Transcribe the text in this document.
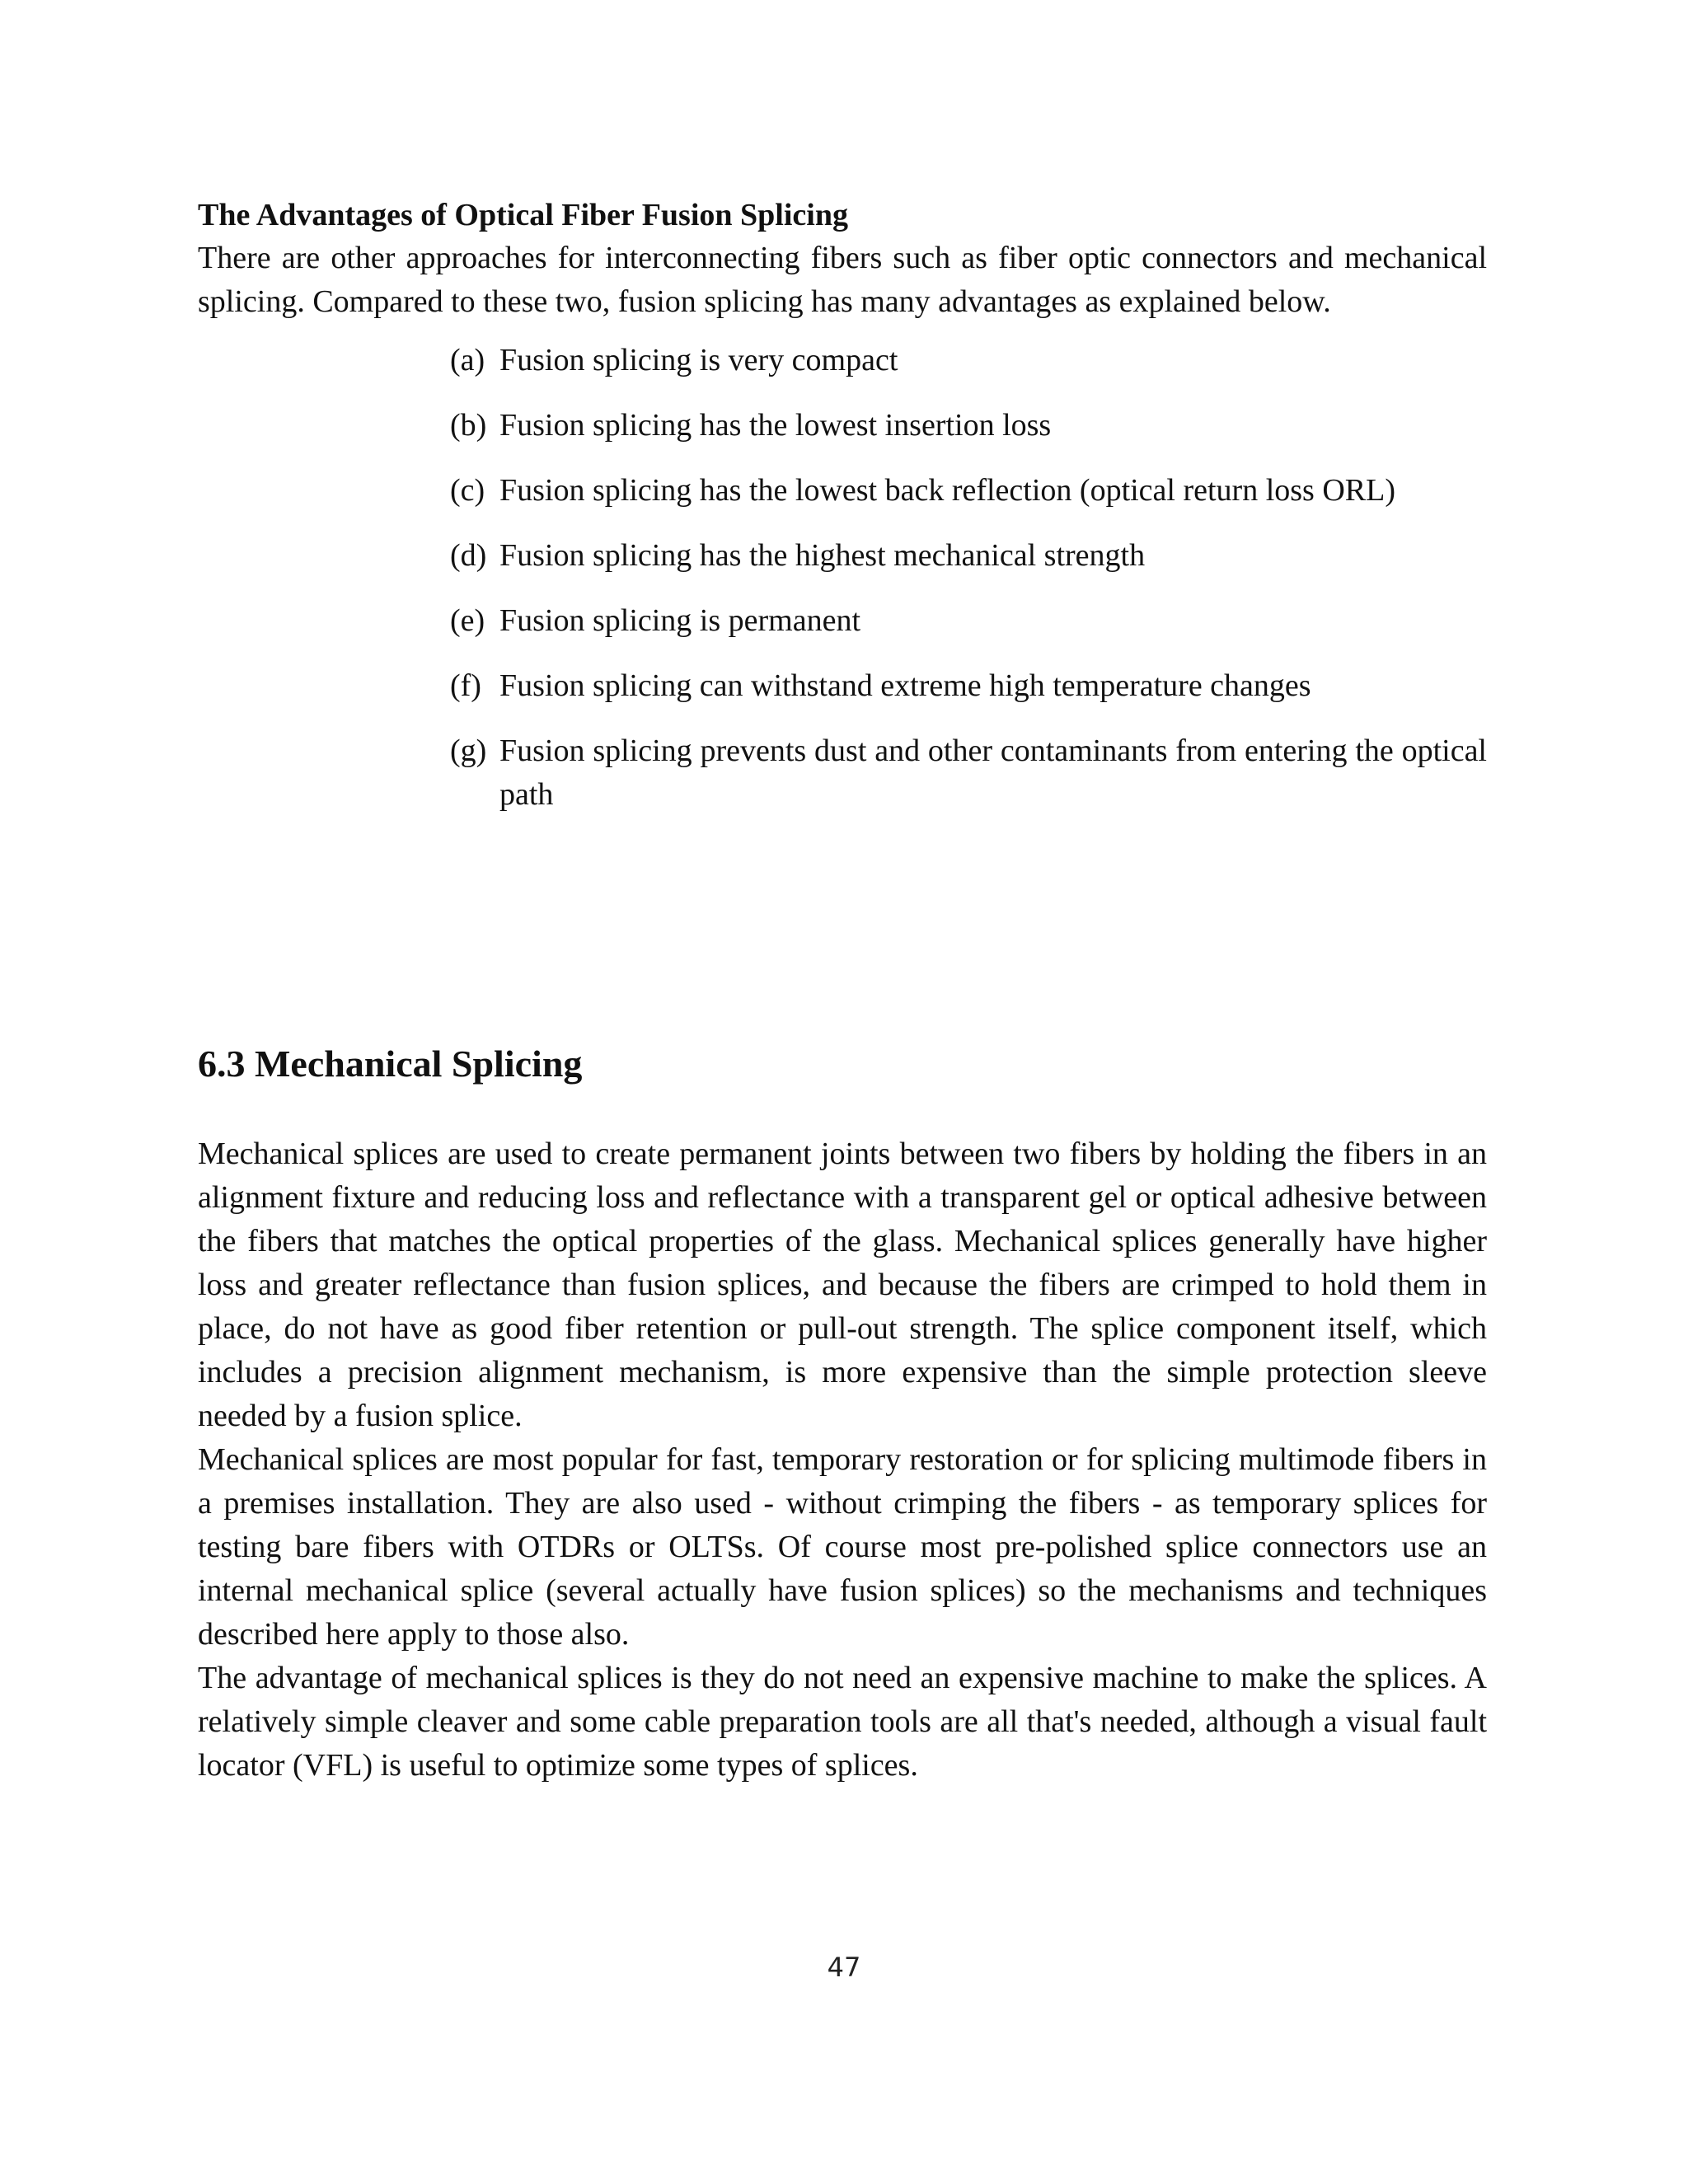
The Advantages of Optical Fiber Fusion Splicing

There are other approaches for interconnecting fibers such as fiber optic connectors and mechanical splicing. Compared to these two, fusion splicing has many advantages as explained below.

(a) Fusion splicing is very compact
(b) Fusion splicing has the lowest insertion loss
(c) Fusion splicing has the lowest back reflection (optical return loss ORL)
(d) Fusion splicing has the highest mechanical strength
(e) Fusion splicing is permanent
(f) Fusion splicing can withstand extreme high temperature changes
(g) Fusion splicing prevents dust and other contaminants from entering the optical path
6.3 Mechanical Splicing

Mechanical splices are used to create permanent joints between two fibers by holding the fibers in an alignment fixture and reducing loss and reflectance with a transparent gel or optical adhesive between the fibers that matches the optical properties of the glass. Mechanical splices generally have higher loss and greater reflectance than fusion splices, and because the fibers are crimped to hold them in place, do not have as good fiber retention or pull-out strength. The splice component itself, which includes a precision alignment mechanism, is more expensive than the simple protection sleeve needed by a fusion splice.

Mechanical splices are most popular for fast, temporary restoration or for splicing multimode fibers in a premises installation. They are also used - without crimping the fibers - as temporary splices for testing bare fibers with OTDRs or OLTSs. Of course most pre-polished splice connectors use an internal mechanical splice (several actually have fusion splices) so the mechanisms and techniques described here apply to those also.

The advantage of mechanical splices is they do not need an expensive machine to make the splices. A relatively simple cleaver and some cable preparation tools are all that's needed, although a visual fault locator (VFL) is useful to optimize some types of splices.

47
